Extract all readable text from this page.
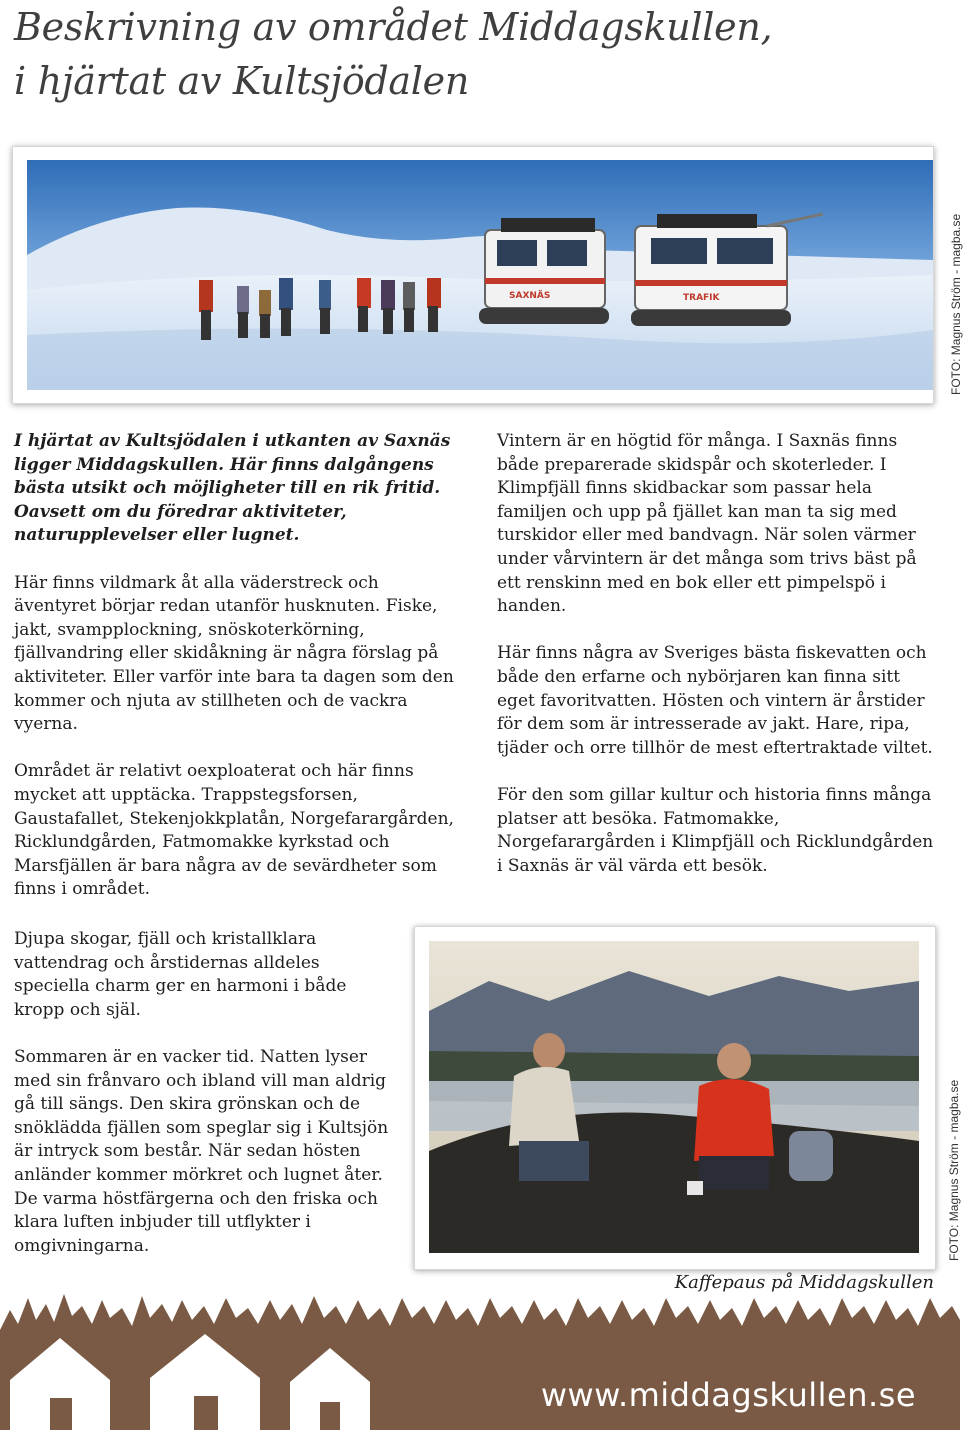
Beskrivning av området Middagskullen,
i hjärtat av Kultsjödalen
SAXNÄS	TRAFIK	FOTO: Magnus Ström - magba.se

I hjärtat av Kultsjödalen i utkanten av Saxnäs ligger Middagskullen. Här finns dalgångens bästa utsikt och möjligheter till en rik fritid. Oavsett om du föredrar aktiviteter, naturupplevelser eller lugnet.

Här finns vildmark åt alla väderstreck och äventyret börjar redan utanför husknuten. Fiske, jakt, svampplockning, snöskoterkörning, fjällvandring eller skidåkning är några förslag på aktiviteter. Eller varför inte bara ta dagen som den kommer och njuta av stillheten och de vackra vyerna.

Området är relativt oexploaterat och här finns mycket att upptäcka. Trappstegsforsen, Gaustafallet, Stekenjokkplatån, Norgefarargården, Ricklundgården, Fatmomakke kyrkstad och Marsfjällen är bara några av de sevärdheter som finns i området.

Vintern är en högtid för många. I Saxnäs finns både preparerade skidspår och skoterleder. I Klimpfjäll finns skidbackar som passar hela familjen och upp på fjället kan man ta sig med turskidor eller med bandvagn. När solen värmer under vårvintern är det många som trivs bäst på ett renskinn med en bok eller ett pimpelspö i handen.

Här finns några av Sveriges bästa fiskevatten och både den erfarne och nybörjaren kan finna sitt eget favoritvatten. Hösten och vintern är årstider för dem som är intresserade av jakt. Hare, ripa, tjäder och orre tillhör de mest eftertraktade viltet.

För den som gillar kultur och historia finns många platser att besöka. Fatmomakke, Norgefarargården i Klimpfjäll och Ricklundgården i Saxnäs är väl värda ett besök.

Djupa skogar, fjäll och kristallklara vattendrag och årstidernas alldeles speciella charm ger en harmoni i både kropp och själ.

Sommaren är en vacker tid. Natten lyser med sin frånvaro och ibland vill man aldrig gå till sängs. Den skira grönskan och de snöklädda fjällen som speglar sig i Kultsjön är intryck som består. När sedan hösten anländer kommer mörkret och lugnet åter. De varma höstfärgerna och den friska och klara luften inbjuder till utflykter i omgivningarna.	FOTO: Magnus Ström - magba.se
Kaffepaus på Middagskullen
www.middagskullen.se
